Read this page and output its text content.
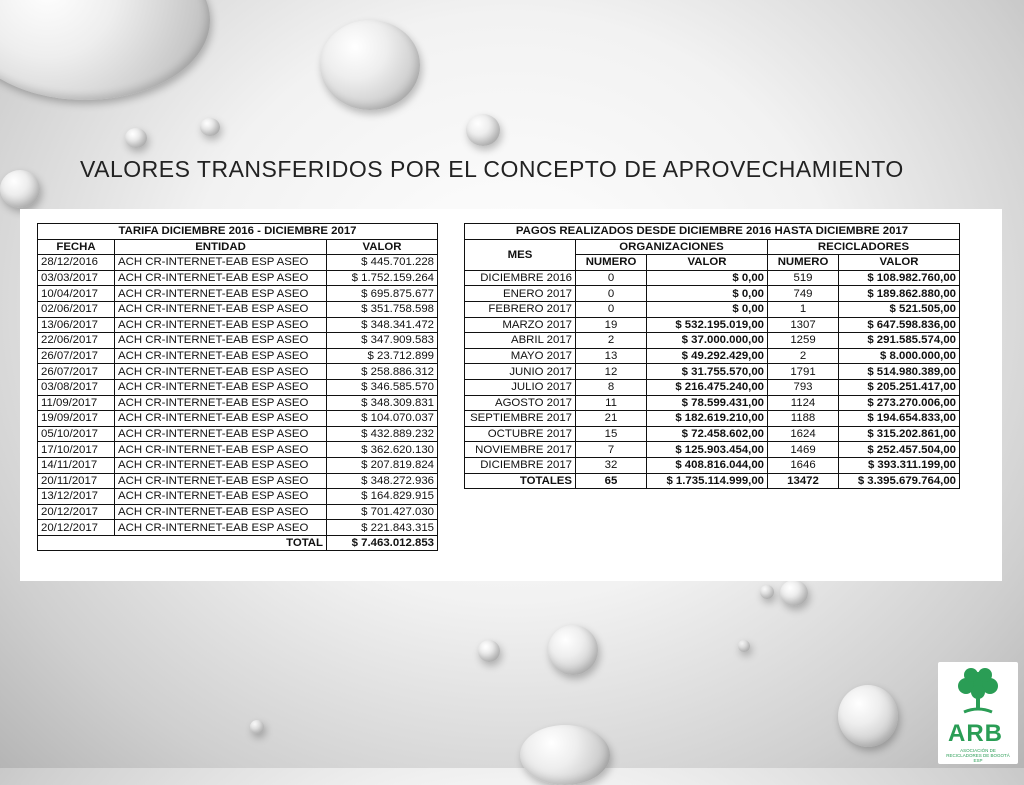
VALORES TRANSFERIDOS POR EL CONCEPTO DE APROVECHAMIENTO
TARIFA DICIEMBRE 2016 - DICIEMBRE 2017		
FECHA	ENTIDAD	VALOR
28/12/2016	ACH CR-INTERNET-EAB ESP ASEO	$ 445.701.228
03/03/2017	ACH CR-INTERNET-EAB ESP ASEO	$ 1.752.159.264
10/04/2017	ACH CR-INTERNET-EAB ESP ASEO	$ 695.875.677
02/06/2017	ACH CR-INTERNET-EAB ESP ASEO	$ 351.758.598
13/06/2017	ACH CR-INTERNET-EAB ESP ASEO	$ 348.341.472
22/06/2017	ACH CR-INTERNET-EAB ESP ASEO	$ 347.909.583
26/07/2017	ACH CR-INTERNET-EAB ESP ASEO	$ 23.712.899
26/07/2017	ACH CR-INTERNET-EAB ESP ASEO	$ 258.886.312
03/08/2017	ACH CR-INTERNET-EAB ESP ASEO	$ 346.585.570
11/09/2017	ACH CR-INTERNET-EAB ESP ASEO	$ 348.309.831
19/09/2017	ACH CR-INTERNET-EAB ESP ASEO	$ 104.070.037
05/10/2017	ACH CR-INTERNET-EAB ESP ASEO	$ 432.889.232
17/10/2017	ACH CR-INTERNET-EAB ESP ASEO	$ 362.620.130
14/11/2017	ACH CR-INTERNET-EAB ESP ASEO	$ 207.819.824
20/11/2017	ACH CR-INTERNET-EAB ESP ASEO	$ 348.272.936
13/12/2017	ACH CR-INTERNET-EAB ESP ASEO	$ 164.829.915
20/12/2017	ACH CR-INTERNET-EAB ESP ASEO	$ 701.427.030
20/12/2017	ACH CR-INTERNET-EAB ESP ASEO	$ 221.843.315
TOTAL		$ 7.463.012.853
PAGOS REALIZADOS DESDE DICIEMBRE 2016 HASTA DICIEMBRE 2017				
MES	ORGANIZACIONES		RECICLADORES	
	NUMERO	VALOR	NUMERO	VALOR
DICIEMBRE 2016	0	$ 0,00	519	$ 108.982.760,00
ENERO 2017	0	$ 0,00	749	$ 189.862.880,00
FEBRERO 2017	0	$ 0,00	1	$ 521.505,00
MARZO 2017	19	$ 532.195.019,00	1307	$ 647.598.836,00
ABRIL 2017	2	$ 37.000.000,00	1259	$ 291.585.574,00
MAYO 2017	13	$ 49.292.429,00	2	$ 8.000.000,00
JUNIO 2017	12	$ 31.755.570,00	1791	$ 514.980.389,00
JULIO 2017	8	$ 216.475.240,00	793	$ 205.251.417,00
AGOSTO 2017	11	$ 78.599.431,00	1124	$ 273.270.006,00
SEPTIEMBRE 2017	21	$ 182.619.210,00	1188	$ 194.654.833,00
OCTUBRE 2017	15	$ 72.458.602,00	1624	$ 315.202.861,00
NOVIEMBRE 2017	7	$ 125.903.454,00	1469	$ 252.457.504,00
DICIEMBRE 2017	32	$ 408.816.044,00	1646	$ 393.311.199,00
TOTALES	65	$ 1.735.114.999,00	13472	$ 3.395.679.764,00
ARB
ASOCIACIÓN DE RECICLADORES DE BOGOTÁ ESP
